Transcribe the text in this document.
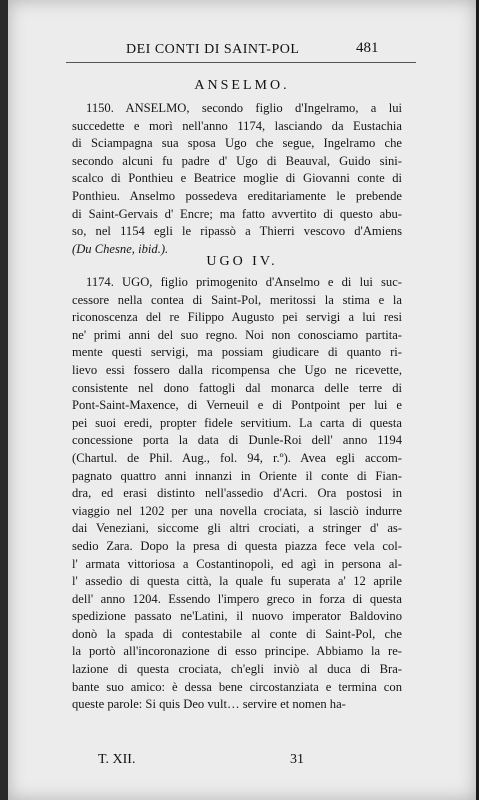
DEI CONTI DI SAINT-POL	481
ANSELMO.
1150. ANSELMO, secondo figlio d'Ingelramo, a lui
succedette e morì nell'anno 1174, lasciando da Eustachia
di Sciampagna sua sposa Ugo che segue, Ingelramo che
secondo alcuni fu padre d' Ugo di Beauval, Guido sini-
scalco di Ponthieu e Beatrice moglie di Giovanni conte di
Ponthieu. Anselmo possedeva ereditariamente le prebende
di Saint-Gervais d' Encre; ma fatto avvertito di questo abu-
so, nel 1154 egli le ripassò a Thierri vescovo d'Amiens
(Du Chesne, ibid.).
UGO IV.
1174. UGO, figlio primogenito d'Anselmo e di lui suc-
cessore nella contea di Saint-Pol, meritossi la stima e la
riconoscenza del re Filippo Augusto pei servigi a lui resi
ne' primi anni del suo regno. Noi non conosciamo partita-
mente questi servigi, ma possiam giudicare di quanto ri-
lievo essi fossero dalla ricompensa che Ugo ne ricevette,
consistente nel dono fattogli dal monarca delle terre di
Pont-Saint-Maxence, di Verneuil e di Pontpoint per lui e
pei suoi eredi, propter fidele servitium. La carta di questa
concessione porta la data di Dunle-Roi dell' anno 1194
(Chartul. de Phil. Aug., fol. 94, r.º). Avea egli accom-
pagnato quattro anni innanzi in Oriente il conte di Fian-
dra, ed erasi distinto nell'assedio d'Acri. Ora postosi in
viaggio nel 1202 per una novella crociata, si lasciò indurre
dai Veneziani, siccome gli altri crociati, a stringer d' as-
sedio Zara. Dopo la presa di questa piazza fece vela col-
l' armata vittoriosa a Costantinopoli, ed agì in persona al-
l' assedio di questa città, la quale fu superata a' 12 aprile
dell' anno 1204. Essendo l'impero greco in forza di questa
spedizione passato ne'Latini, il nuovo imperator Baldovino
donò la spada di contestabile al conte di Saint-Pol, che
la portò all'incoronazione di esso principe. Abbiamo la re-
lazione di questa crociata, ch'egli inviò al duca di Bra-
bante suo amico: è dessa bene circostanziata e termina con
queste parole: Si quis Deo vult… servire et nomen ha-
T. XII.	31
